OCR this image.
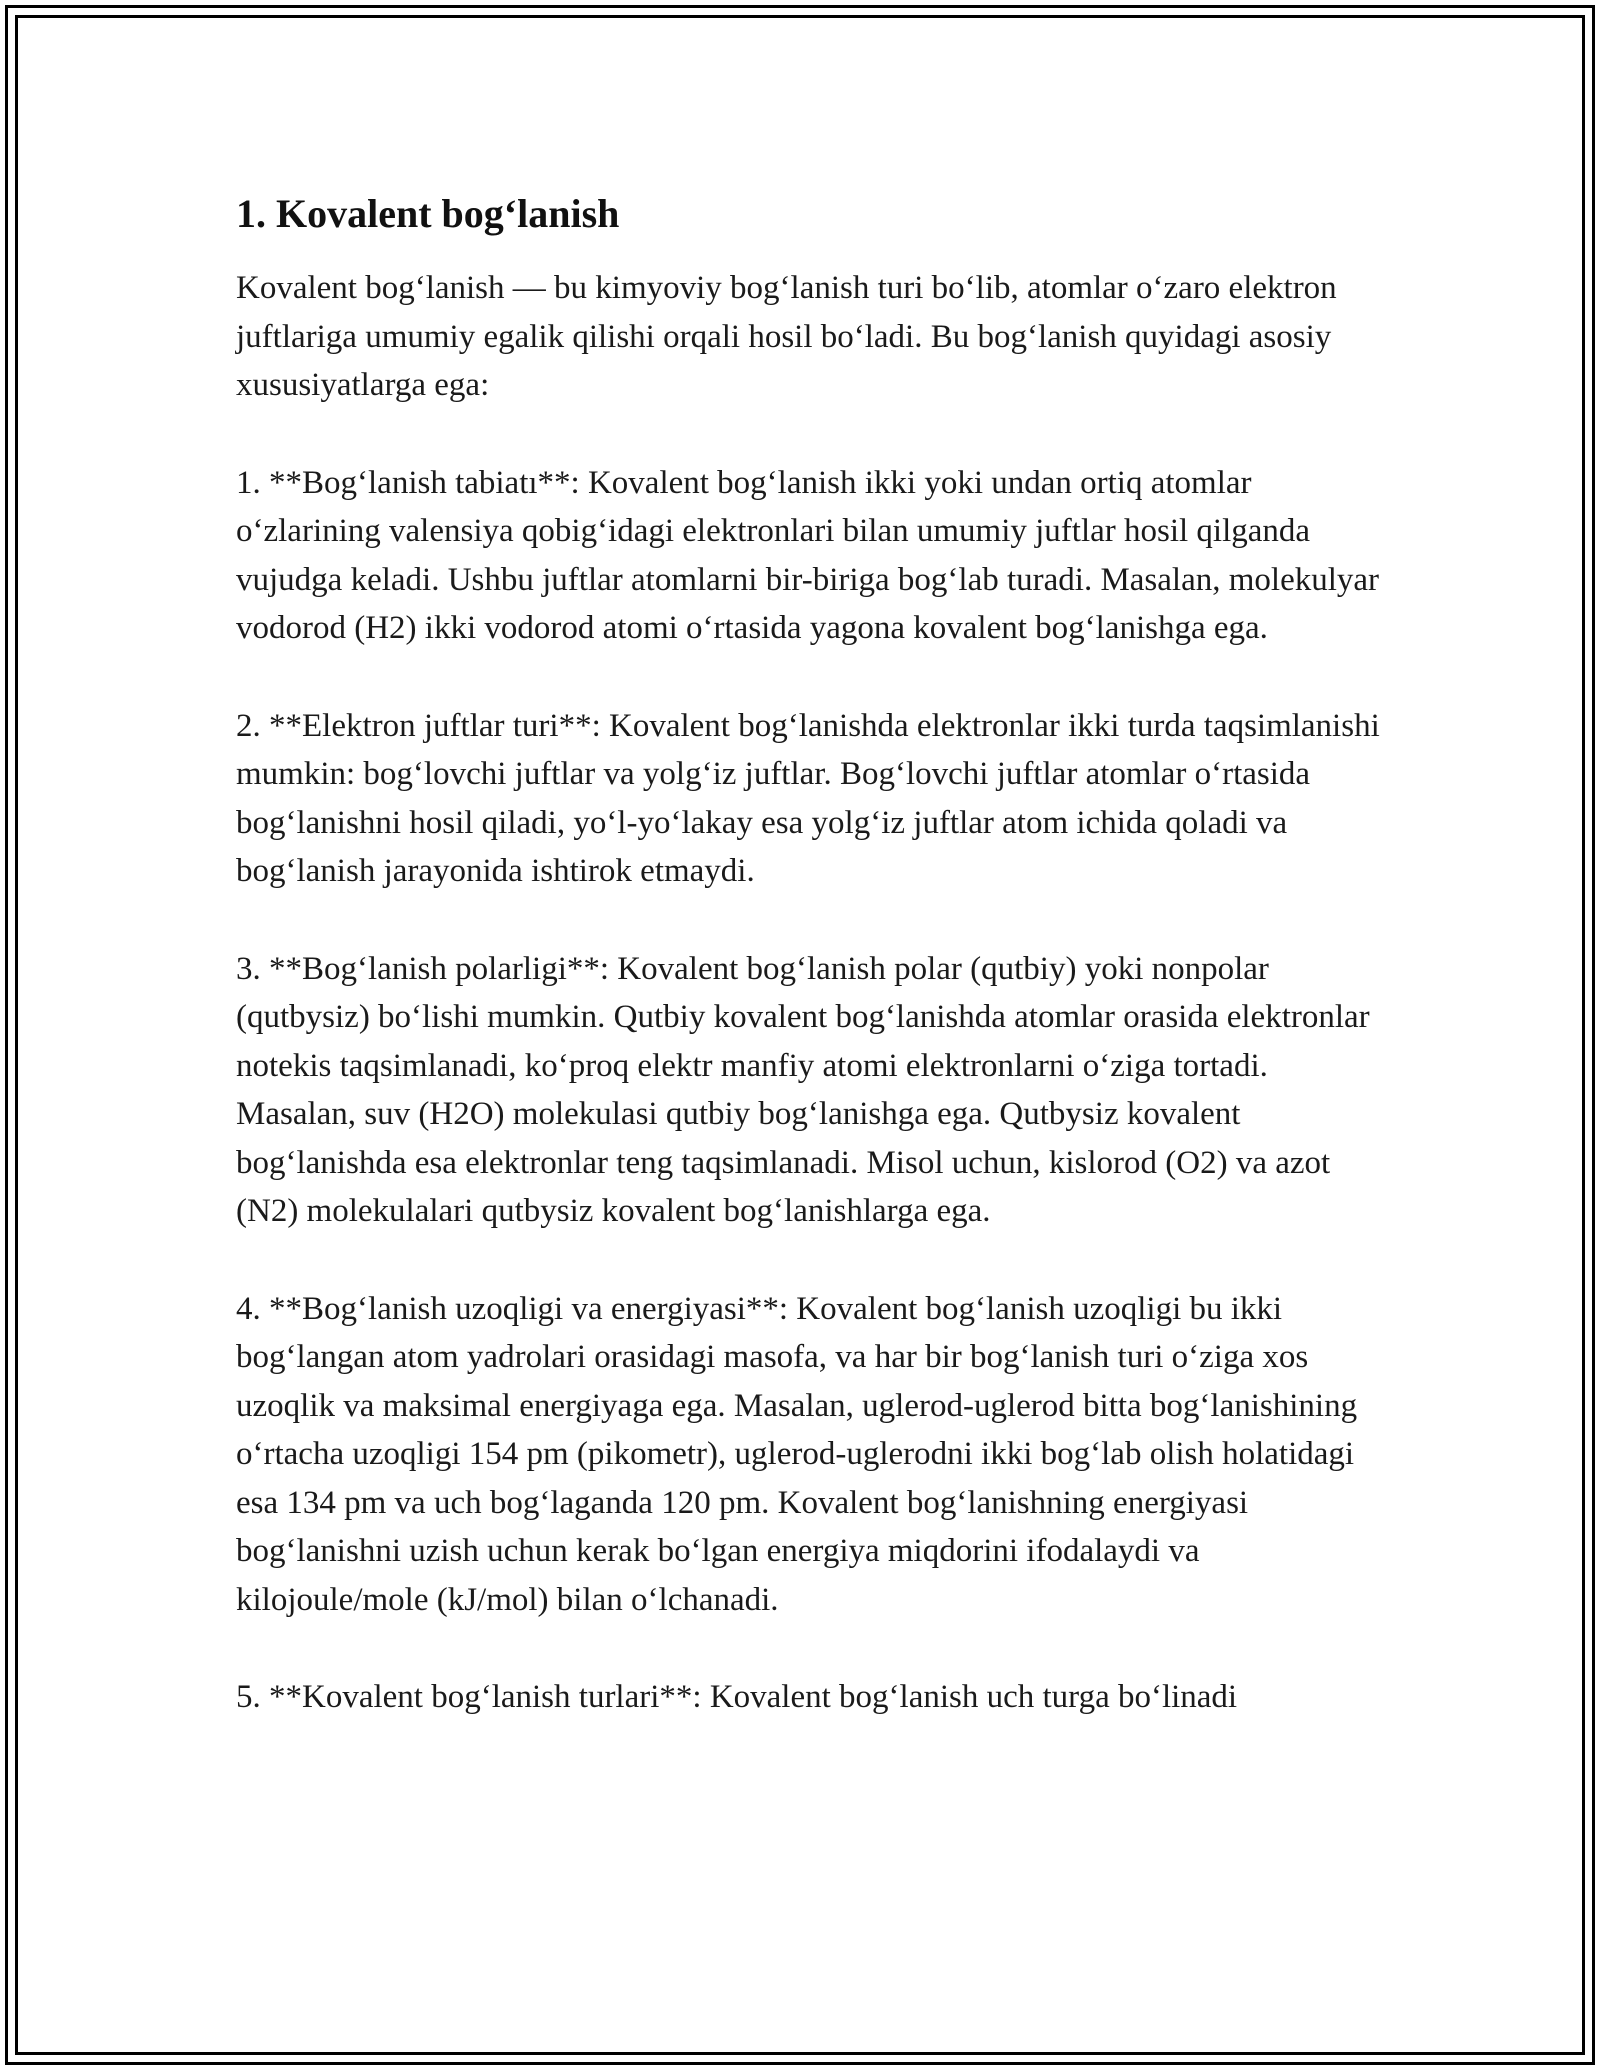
1. Kovalent bog‘lanish

Kovalent bog‘lanish — bu kimyoviy bog‘lanish turi bo‘lib, atomlar o‘zaro elektron juftlariga umumiy egalik qilishi orqali hosil bo‘ladi. Bu bog‘lanish quyidagi asosiy xususiyatlarga ega:

1. **Bog‘lanish tabiatı**: Kovalent bog‘lanish ikki yoki undan ortiq atomlar o‘zlarining valensiya qobig‘idagi elektronlari bilan umumiy juftlar hosil qilganda vujudga keladi. Ushbu juftlar atomlarni bir-biriga bog‘lab turadi. Masalan, molekulyar vodorod (H2) ikki vodorod atomi o‘rtasida yagona kovalent bog‘lanishga ega.

2. **Elektron juftlar turi**: Kovalent bog‘lanishda elektronlar ikki turda taqsimlanishi mumkin: bog‘lovchi juftlar va yolg‘iz juftlar. Bog‘lovchi juftlar atomlar o‘rtasida bog‘lanishni hosil qiladi, yo‘l-yo‘lakay esa yolg‘iz juftlar atom ichida qoladi va bog‘lanish jarayonida ishtirok etmaydi.

3. **Bog‘lanish polarligi**: Kovalent bog‘lanish polar (qutbiy) yoki nonpolar (qutbysiz) bo‘lishi mumkin. Qutbiy kovalent bog‘lanishda atomlar orasida elektronlar notekis taqsimlanadi, ko‘proq elektr manfiy atomi elektronlarni o‘ziga tortadi. Masalan, suv (H2O) molekulasi qutbiy bog‘lanishga ega. Qutbysiz kovalent bog‘lanishda esa elektronlar teng taqsimlanadi. Misol uchun, kislorod (O2) va azot (N2) molekulalari qutbysiz kovalent bog‘lanishlarga ega.

4. **Bog‘lanish uzoqligi va energiyasi**: Kovalent bog‘lanish uzoqligi bu ikki bog‘langan atom yadrolari orasidagi masofa, va har bir bog‘lanish turi o‘ziga xos uzoqlik va maksimal energiyaga ega. Masalan, uglerod-uglerod bitta bog‘lanishining o‘rtacha uzoqligi 154 pm (pikometr), uglerod-uglerodni ikki bog‘lab olish holatidagi esa 134 pm va uch bog‘laganda 120 pm. Kovalent bog‘lanishning energiyasi bog‘lanishni uzish uchun kerak bo‘lgan energiya miqdorini ifodalaydi va kilojoule/mole (kJ/mol) bilan o‘lchanadi.

5. **Kovalent bog‘lanish turlari**: Kovalent bog‘lanish uch turga bo‘linadi
